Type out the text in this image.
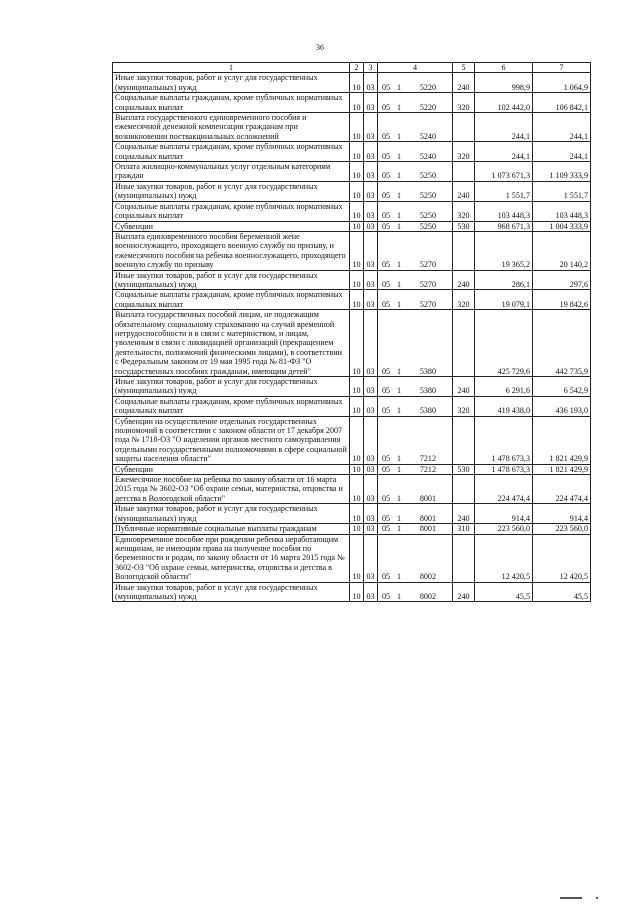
36
1	2	3	4	5	6	7
Иные закупки товаров, работ и услуг для государственных (муниципальных) нужд	10	03	05 1 5220	240	998,9	1 064,9
Социальные выплаты гражданам, кроме публичных нормативных социальных выплат	10	03	05 1 5220	320	102 442,0	106 842,1
Выплата государственного единовременного пособия и ежемесячной денежной компенсации гражданам при возникновении поствакцинальных осложнений	10	03	05 1 5240		244,1	244,1
Социальные выплаты гражданам, кроме публичных нормативных социальных выплат	10	03	05 1 5240	320	244,1	244,1
Оплата жилищно-коммунальных услуг отдельным категориям граждан	10	03	05 1 5250		1 073 671,3	1 109 333,9
Иные закупки товаров, работ и услуг для государственных (муниципальных) нужд	10	03	05 1 5250	240	1 551,7	1 551,7
Социальные выплаты гражданам, кроме публичных нормативных социальных выплат	10	03	05 1 5250	320	103 448,3	103 448,3
Субвенции	10	03	05 1 5250	530	968 671,3	1 004 333,9
Выплата единовременного пособия беременной жене военнослужащего, проходящего военную службу по призыву, и ежемесячного пособия на ребенка военнослужащего, проходящего военную службу по призыву	10	03	05 1 5270		19 365,2	20 140,2
Иные закупки товаров, работ и услуг для государственных (муниципальных) нужд	10	03	05 1 5270	240	286,1	297,6
Социальные выплаты гражданам, кроме публичных нормативных социальных выплат	10	03	05 1 5270	320	19 079,1	19 842,6
Выплата государственных пособий лицам, не подлежащим обязательному социальному страхованию на случай временной нетрудоспособности и в связи с материнством, и лицам, уволенным в связи с ликвидацией организаций (прекращением деятельности, полномочий физическими лицами), в соответствии с Федеральным законом от 19 мая 1995 года № 81-ФЗ "О государственных пособиях гражданам, имеющим детей"	10	03	05 1 5380		425 729,6	442 735,9
Иные закупки товаров, работ и услуг для государственных (муниципальных) нужд	10	03	05 1 5380	240	6 291,6	6 542,9
Социальные выплаты гражданам, кроме публичных нормативных социальных выплат	10	03	05 1 5380	320	419 438,0	436 193,0
Субвенции на осуществление отдельных государственных полномочий в соответствии с законом области от 17 декабря 2007 года № 1718-ОЗ "О наделении органов местного самоуправления отдельными государственными полномочиями в сфере социальной защиты населения области"	10	03	05 1 7212		1 478 673,3	1 821 429,9
Субвенции	10	03	05 1 7212	530	1 478 673,3	1 821 429,9
Ежемесячное пособие на ребенка по закону области от 16 марта 2015 года № 3602-ОЗ "Об охране семьи, материнства, отцовства и детства в Вологодской области"	10	03	05 1 8001		224 474,4	224 474,4
Иные закупки товаров, работ и услуг для государственных (муниципальных) нужд	10	03	05 1 8001	240	914,4	914,4
Публичные нормативные социальные выплаты гражданам	10	03	05 1 8001	310	223 560,0	223 560,0
Единовременное пособие при рождении ребенка неработающим женщинам, не имеющим права на получение пособия по беременности и родам, по закону области от 16 марта 2015 года № 3602-ОЗ "Об охране семьи, материнства, отцовства и детства в Вологодской области"	10	03	05 1 8002		12 420,5	12 420,5
Иные закупки товаров, работ и услуг для государственных (муниципальных) нужд	10	03	05 1 8002	240	45,5	45,5
